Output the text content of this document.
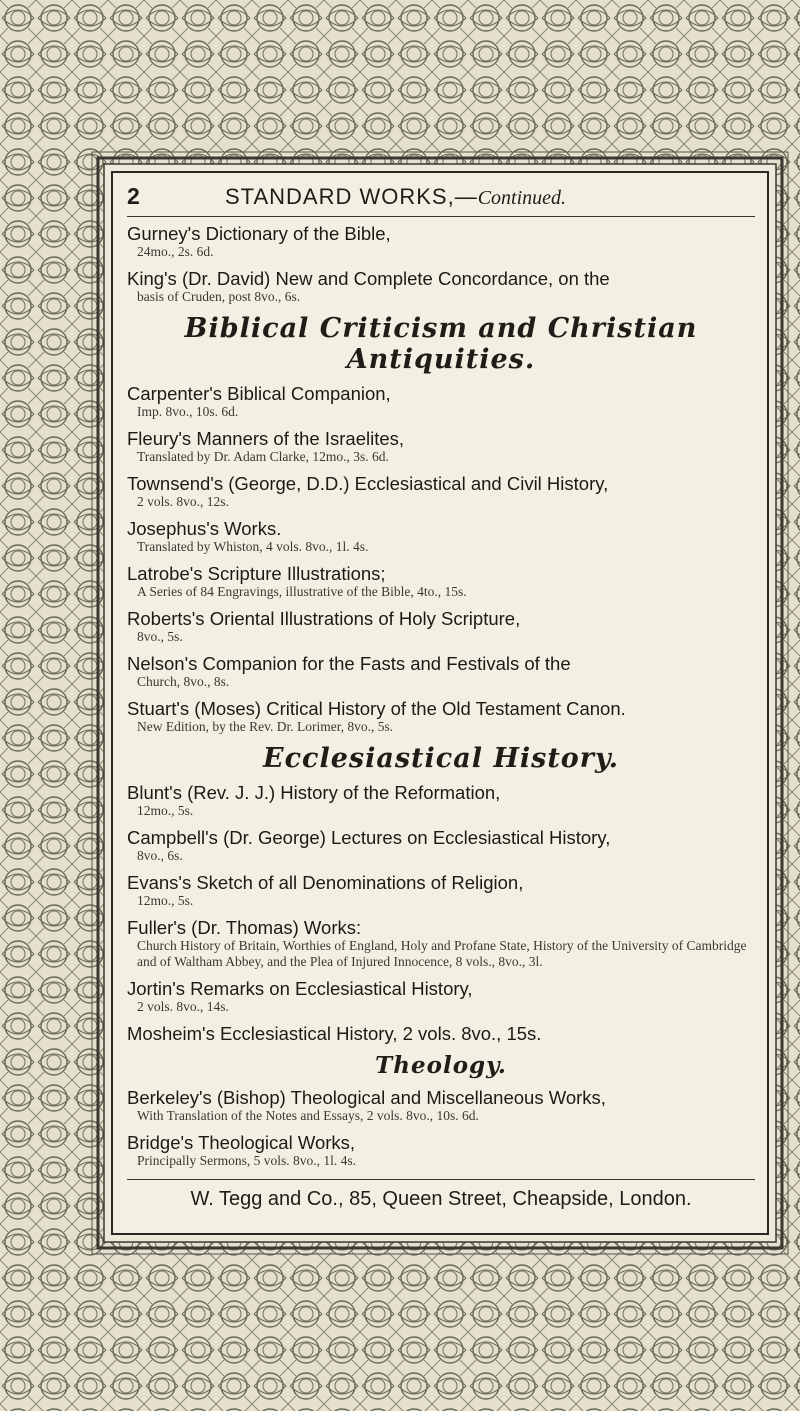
2	STANDARD WORKS,—Continued.
Gurney's Dictionary of the Bible,
24mo., 2s. 6d.
King's (Dr. David) New and Complete Concordance, on the
basis of Cruden, post 8vo., 6s.
Biblical Criticism and Christian Antiquities.
Carpenter's Biblical Companion,
Imp. 8vo., 10s. 6d.
Fleury's Manners of the Israelites,
Translated by Dr. Adam Clarke, 12mo., 3s. 6d.
Townsend's (George, D.D.) Ecclesiastical and Civil History,
2 vols. 8vo., 12s.
Josephus's Works.
Translated by Whiston, 4 vols. 8vo., 1l. 4s.
Latrobe's Scripture Illustrations;
A Series of 84 Engravings, illustrative of the Bible, 4to., 15s.
Roberts's Oriental Illustrations of Holy Scripture,
8vo., 5s.
Nelson's Companion for the Fasts and Festivals of the
Church, 8vo., 8s.
Stuart's (Moses) Critical History of the Old Testament Canon.
New Edition, by the Rev. Dr. Lorimer, 8vo., 5s.
Ecclesiastical History.
Blunt's (Rev. J. J.) History of the Reformation,
12mo., 5s.
Campbell's (Dr. George) Lectures on Ecclesiastical History,
8vo., 6s.
Evans's Sketch of all Denominations of Religion,
12mo., 5s.
Fuller's (Dr. Thomas) Works:
Church History of Britain, Worthies of England, Holy and Profane State, History of the University of Cambridge and of Waltham Abbey, and the Plea of Injured Innocence, 8 vols., 8vo., 3l.
Jortin's Remarks on Ecclesiastical History,
2 vols. 8vo., 14s.
Mosheim's Ecclesiastical History, 2 vols. 8vo., 15s.
Theology.
Berkeley's (Bishop) Theological and Miscellaneous Works,
With Translation of the Notes and Essays, 2 vols. 8vo., 10s. 6d.
Bridge's Theological Works,
Principally Sermons, 5 vols. 8vo., 1l. 4s.
W. Tegg and Co., 85, Queen Street, Cheapside, London.
